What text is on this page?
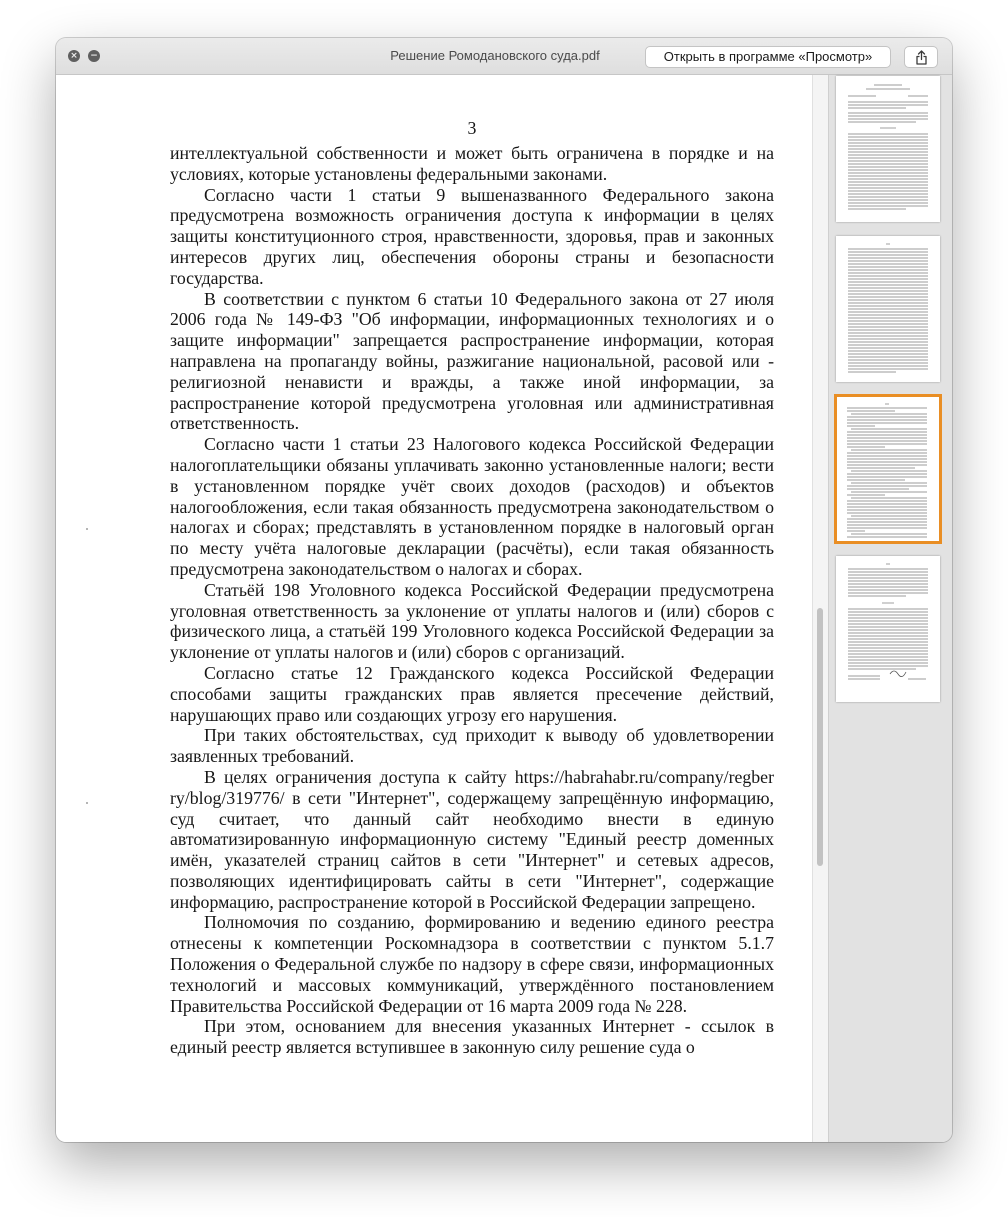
× −	Решение Ромодановского суда.pdf	Открыть в программе «Просмотр»
3

интеллектуальной собственности и может быть ограничена в порядке и на условиях, которые установлены федеральными законами.

Согласно части 1 статьи 9 вышеназванного Федерального закона предусмотрена возможность ограничения доступа к информации в целях защиты конституционного строя, нравственности, здоровья, прав и законных интересов других лиц, обеспечения обороны страны и безопасности государства.

В соответствии с пунктом 6 статьи 10 Федерального закона от 27 июля 2006 года № 149-ФЗ "Об информации, информационных технологиях и о защите информации" запрещается распространение информации, которая направлена на пропаганду войны, разжигание национальной, расовой или - религиозной ненависти и вражды, а также иной информации, за распространение которой предусмотрена уголовная или административная ответственность.

Согласно части 1 статьи 23 Налогового кодекса Российской Федерации налогоплательщики обязаны уплачивать законно установленные налоги; вести в установленном порядке учёт своих доходов (расходов) и объектов налогообложения, если такая обязанность предусмотрена законодательством о налогах и сборах; представлять в установленном порядке в налоговый орган по месту учёта налоговые декларации (расчёты), если такая обязанность предусмотрена законодательством о налогах и сборах.

Статьёй 198 Уголовного кодекса Российской Федерации предусмотрена уголовная ответственность за уклонение от уплаты налогов и (или) сборов с физического лица, а статьёй 199 Уголовного кодекса Российской Федерации за уклонение от уплаты налогов и (или) сборов с организаций.

Согласно статье 12 Гражданского кодекса Российской Федерации способами защиты гражданских прав является пресечение действий, нарушающих право или создающих угрозу его нарушения.

При таких обстоятельствах, суд приходит к выводу об удовлетворении заявленных требований.

В целях ограничения доступа к сайту https://habrahabr.ru/company/regber ry/blog/319776/ в сети "Интернет", содержащему запрещённую информацию, суд считает, что данный сайт необходимо внести в единую автоматизированную информационную систему "Единый реестр доменных имён, указателей страниц сайтов в сети "Интернет" и сетевых адресов, позволяющих идентифицировать сайты в сети "Интернет", содержащие информацию, распространение которой в Российской Федерации запрещено.

Полномочия по созданию, формированию и ведению единого реестра отнесены к компетенции Роскомнадзора в соответствии с пунктом 5.1.7 Положения о Федеральной службе по надзору в сфере связи, информационных технологий и массовых коммуникаций, утверждённого постановлением Правительства Российской Федерации от 16 марта 2009 года № 228.

При этом, основанием для внесения указанных Интернет - ссылок в единый реестр является вступившее в законную силу решение суда о
